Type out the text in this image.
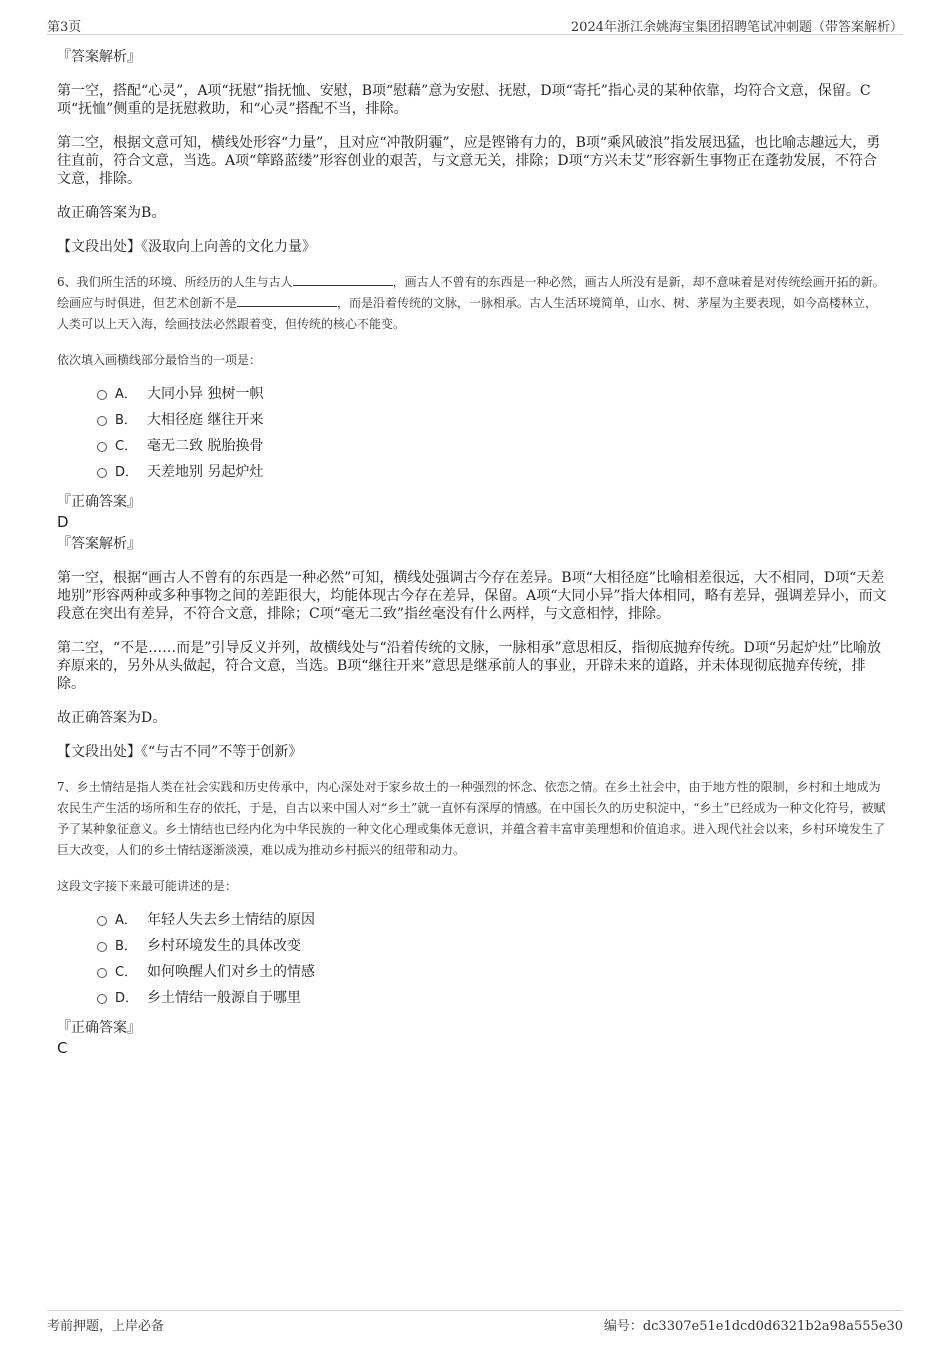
第3页	2024年浙江余姚海宝集团招聘笔试冲刺题（带答案解析）

『答案解析』

第一空，搭配“心灵”，A项“抚慰”指抚恤、安慰，B项“慰藉”意为安慰、抚慰，D项“寄托”指心灵的某种依靠，均符合文意，保留。C项“抚恤”侧重的是抚慰救助，和“心灵”搭配不当，排除。

第二空，根据文意可知，横线处形容“力量”，且对应“冲散阴霾”，应是铿锵有力的，B项“乘风破浪”指发展迅猛，也比喻志趣远大，勇往直前，符合文意，当选。A项“筚路蓝缕”形容创业的艰苦，与文意无关，排除；D项“方兴未艾”形容新生事物正在蓬勃发展，不符合文意，排除。

故正确答案为B。

【文段出处】《汲取向上向善的文化力量》

6、我们所生活的环境、所经历的人生与古人	，画古人不曾有的东西是一种必然，画古人所没有是新，却不意味着是对传统绘画开拓的新。绘画应与时俱进，但艺术创新不是	，而是沿着传统的文脉，一脉相承。古人生活环境简单，山水、树、茅屋为主要表现，如今高楼林立，人类可以上天入海，绘画技法必然跟着变，但传统的核心不能变。

依次填入画横线部分最恰当的一项是：

A． 大同小异 独树一帜
B． 大相径庭 继往开来
C． 毫无二致 脱胎换骨
D． 天差地别 另起炉灶

『正确答案』

D

『答案解析』

第一空，根据“画古人不曾有的东西是一种必然”可知，横线处强调古今存在差异。B项“大相径庭”比喻相差很远，大不相同，D项“天差地别”形容两种或多种事物之间的差距很大，均能体现古今存在差异，保留。A项“大同小异”指大体相同，略有差异，强调差异小，而文段意在突出有差异，不符合文意，排除；C项“毫无二致”指丝毫没有什么两样，与文意相悖，排除。

第二空，“不是……而是”引导反义并列，故横线处与“沿着传统的文脉，一脉相承”意思相反，指彻底抛弃传统。D项“另起炉灶”比喻放弃原来的，另外从头做起，符合文意，当选。B项“继往开来”意思是继承前人的事业，开辟未来的道路，并未体现彻底抛弃传统，排除。

故正确答案为D。

【文段出处】《“与古不同”不等于创新》

7、乡土情结是指人类在社会实践和历史传承中，内心深处对于家乡故土的一种强烈的怀念、依恋之情。在乡土社会中，由于地方性的限制，乡村和土地成为农民生产生活的场所和生存的依托，于是，自古以来中国人对“乡土”就一直怀有深厚的情感。在中国长久的历史积淀中，“乡土”已经成为一种文化符号，被赋予了某种象征意义。乡土情结也已经内化为中华民族的一种文化心理或集体无意识，并蕴含着丰富审美理想和价值追求。进入现代社会以来，乡村环境发生了巨大改变，人们的乡土情结逐渐淡漠，难以成为推动乡村振兴的纽带和动力。

这段文字接下来最可能讲述的是：

A． 年轻人失去乡土情结的原因
B． 乡村环境发生的具体改变
C． 如何唤醒人们对乡土的情感
D． 乡土情结一般源自于哪里

『正确答案』

C

考前押题，上岸必备	编号：dc3307e51e1dcd0d6321b2a98a555e30
